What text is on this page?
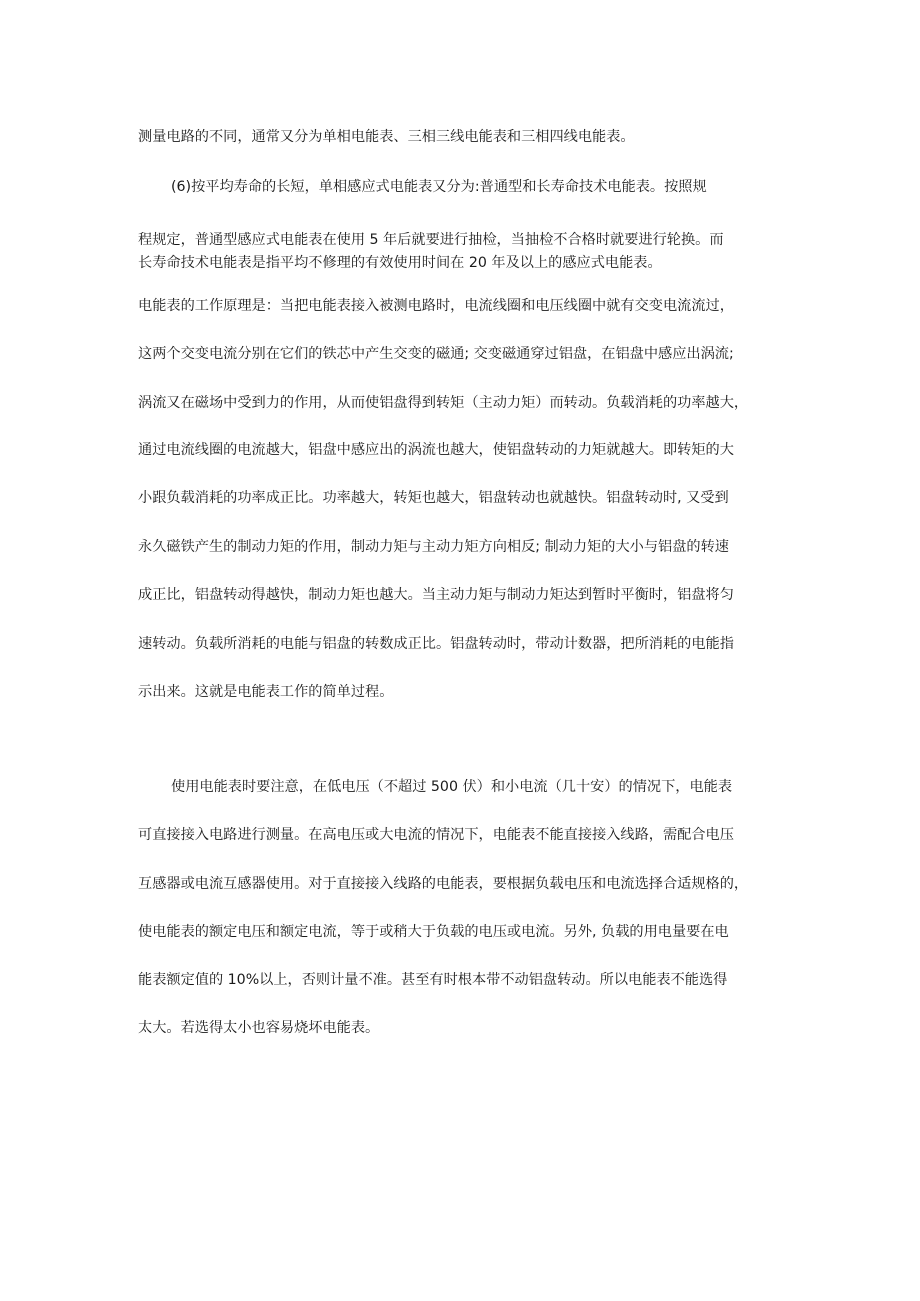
测量电路的不同，通常又分为单相电能表、三相三线电能表和三相四线电能表。
(6)按平均寿命的长短，单相感应式电能表又分为:普通型和长寿命技术电能表。按照规
程规定，普通型感应式电能表在使用 5 年后就要进行抽检，当抽检不合格时就要进行轮换。而
长寿命技术电能表是指平均不修理的有效使用时间在 20 年及以上的感应式电能表。
电能表的工作原理是：当把电能表接入被测电路时，电流线圈和电压线圈中就有交变电流流过，
这两个交变电流分别在它们的铁芯中产生交变的磁通; 交变磁通穿过铝盘，在铝盘中感应出涡流;
涡流又在磁场中受到力的作用，从而使铝盘得到转矩（主动力矩）而转动。负载消耗的功率越大，
通过电流线圈的电流越大，铝盘中感应出的涡流也越大，使铝盘转动的力矩就越大。即转矩的大
小跟负载消耗的功率成正比。功率越大，转矩也越大，铝盘转动也就越快。铝盘转动时, 又受到
永久磁铁产生的制动力矩的作用，制动力矩与主动力矩方向相反; 制动力矩的大小与铝盘的转速
成正比，铝盘转动得越快，制动力矩也越大。当主动力矩与制动力矩达到暂时平衡时，铝盘将匀
速转动。负载所消耗的电能与铝盘的转数成正比。铝盘转动时，带动计数器，把所消耗的电能指
示出来。这就是电能表工作的简单过程。
使用电能表时要注意，在低电压（不超过 500 伏）和小电流（几十安）的情况下，电能表
可直接接入电路进行测量。在高电压或大电流的情况下，电能表不能直接接入线路，需配合电压
互感器或电流互感器使用。对于直接接入线路的电能表，要根据负载电压和电流选择合适规格的，
使电能表的额定电压和额定电流，等于或稍大于负载的电压或电流。另外, 负载的用电量要在电
能表额定值的 10%以上，否则计量不准。甚至有时根本带不动铝盘转动。所以电能表不能选得
太大。若选得太小也容易烧坏电能表。
